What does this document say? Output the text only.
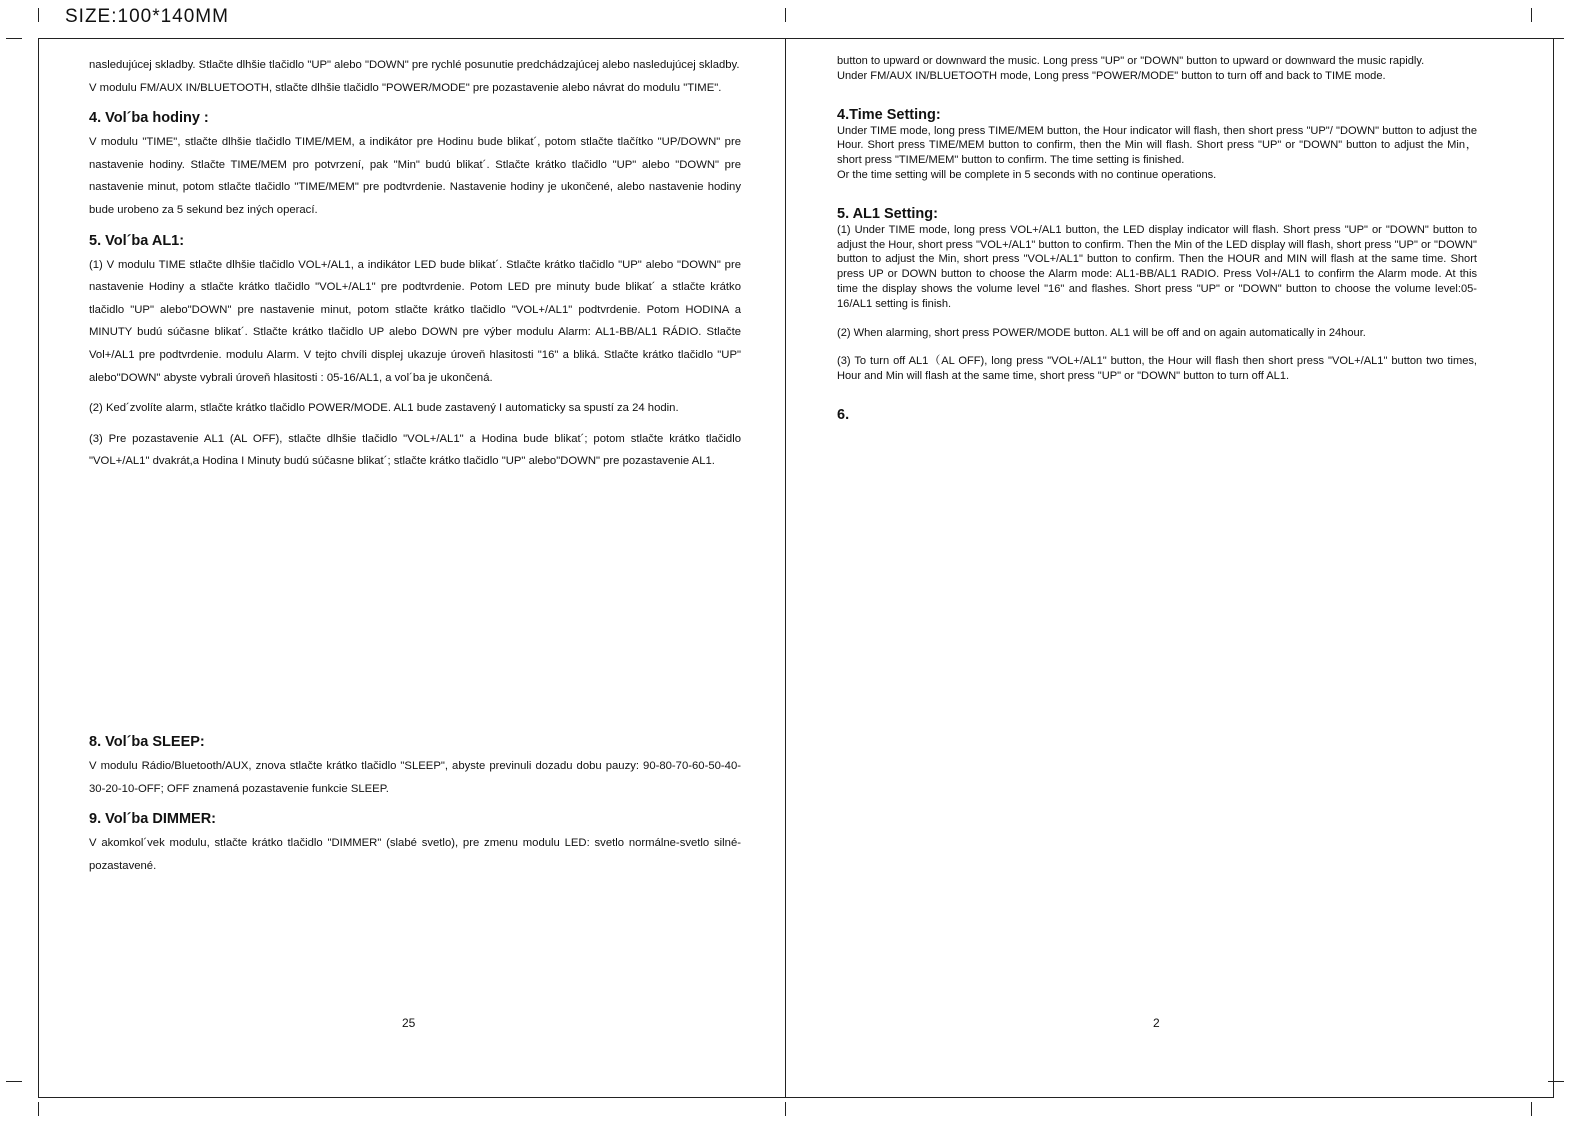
SIZE:100*140MM

nasledujúcej skladby. Stlačte dlhšie tlačidlo "UP" alebo "DOWN" pre rychlé posunutie predchádzajúcej alebo nasledujúcej skladby.

V modulu FM/AUX IN/BLUETOOTH, stlačte dlhšie tlačidlo "POWER/MODE" pre pozastavenie alebo návrat do modulu "TIME".

4. Vol´ba hodiny :

V modulu "TIME", stlačte dlhšie tlačidlo TIME/MEM, a indikátor pre Hodinu bude blikat´, potom stlačte tlačítko "UP/DOWN" pre nastavenie hodiny. Stlačte TIME/MEM pro potvrzení, pak "Min" budú blikat´. Stlačte krátko tlačidlo "UP" alebo "DOWN" pre nastavenie minut, potom stlačte tlačidlo "TIME/MEM" pre podtvrdenie. Nastavenie hodiny je ukončené, alebo nastavenie hodiny bude urobeno za 5 sekund bez iných operací.

5. Vol´ba AL1:

(1) V modulu TIME stlačte dlhšie tlačidlo VOL+/AL1, a indikátor LED bude blikat´. Stlačte krátko tlačidlo "UP" alebo "DOWN" pre nastavenie Hodiny a stlačte krátko tlačidlo "VOL+/AL1" pre podtvrdenie. Potom LED pre minuty bude blikat´ a stlačte krátko tlačidlo "UP" alebo"DOWN" pre nastavenie minut, potom stlačte krátko tlačidlo "VOL+/AL1" podtvrdenie. Potom HODINA a MINUTY budú súčasne blikat´. Stlačte krátko tlačidlo UP alebo DOWN pre výber modulu Alarm: AL1-BB/AL1 RÁDIO. Stlačte Vol+/AL1 pre podtvrdenie. modulu Alarm. V tejto chvíli displej ukazuje úroveň hlasitosti "16" a bliká. Stlačte krátko tlačidlo "UP" alebo"DOWN" abyste vybrali úroveň hlasitosti : 05-16/AL1, a vol´ba je ukončená.

(2) Ked´zvolíte alarm, stlačte krátko tlačidlo POWER/MODE. AL1 bude zastavený I automaticky sa spustí za 24 hodin.

(3) Pre pozastavenie AL1 (AL OFF), stlačte dlhšie tlačidlo "VOL+/AL1" a Hodina bude blikat´; potom stlačte krátko tlačidlo "VOL+/AL1" dvakrát,a Hodina I Minuty budú súčasne blikat´; stlačte krátko tlačidlo "UP" alebo"DOWN" pre pozastavenie AL1.

8. Vol´ba SLEEP:

V modulu Rádio/Bluetooth/AUX, znova stlačte krátko tlačidlo "SLEEP", abyste previnuli dozadu dobu pauzy: 90-80-70-60-50-40-30-20-10-OFF; OFF znamená pozastavenie funkcie SLEEP.

9. Vol´ba DIMMER:

V akomkol´vek modulu, stlačte krátko tlačidlo "DIMMER" (slabé svetlo), pre zmenu modulu LED: svetlo normálne-svetlo silné- pozastavené.

25

button to upward or downward the music. Long press "UP" or "DOWN" button to upward or downward the music rapidly.

Under FM/AUX IN/BLUETOOTH mode, Long press "POWER/MODE" button to turn off and back to TIME mode.

4.Time Setting:

Under TIME mode, long press TIME/MEM button, the Hour indicator will flash, then short press "UP"/ "DOWN" button to adjust the Hour. Short press TIME/MEM button to confirm, then the Min will flash. Short press "UP" or "DOWN" button to adjust the Min，short press "TIME/MEM" button to confirm. The time setting is finished.

Or the time setting will be complete in 5 seconds with no continue operations.

5. AL1 Setting:

(1) Under TIME mode, long press VOL+/AL1 button, the LED display indicator will flash. Short press "UP" or "DOWN" button to adjust the Hour, short press "VOL+/AL1" button to confirm. Then the Min of the LED display will flash, short press "UP" or "DOWN" button to adjust the Min, short press "VOL+/AL1" button to confirm. Then the HOUR and MIN will flash at the same time. Short press UP or DOWN button to choose the Alarm mode: AL1-BB/AL1 RADIO. Press Vol+/AL1 to confirm the Alarm mode. At this time the display shows the volume level "16" and flashes. Short press "UP" or "DOWN" button to choose the volume level:05-16/AL1 setting is finish.

(2) When alarming, short press POWER/MODE button. AL1 will be off and on again automatically in 24hour.

(3) To turn off AL1（AL OFF), long press "VOL+/AL1" button, the Hour will flash then short press "VOL+/AL1" button two times, Hour and Min will flash at the same time, short press "UP" or "DOWN" button to turn off AL1.

6.
2
